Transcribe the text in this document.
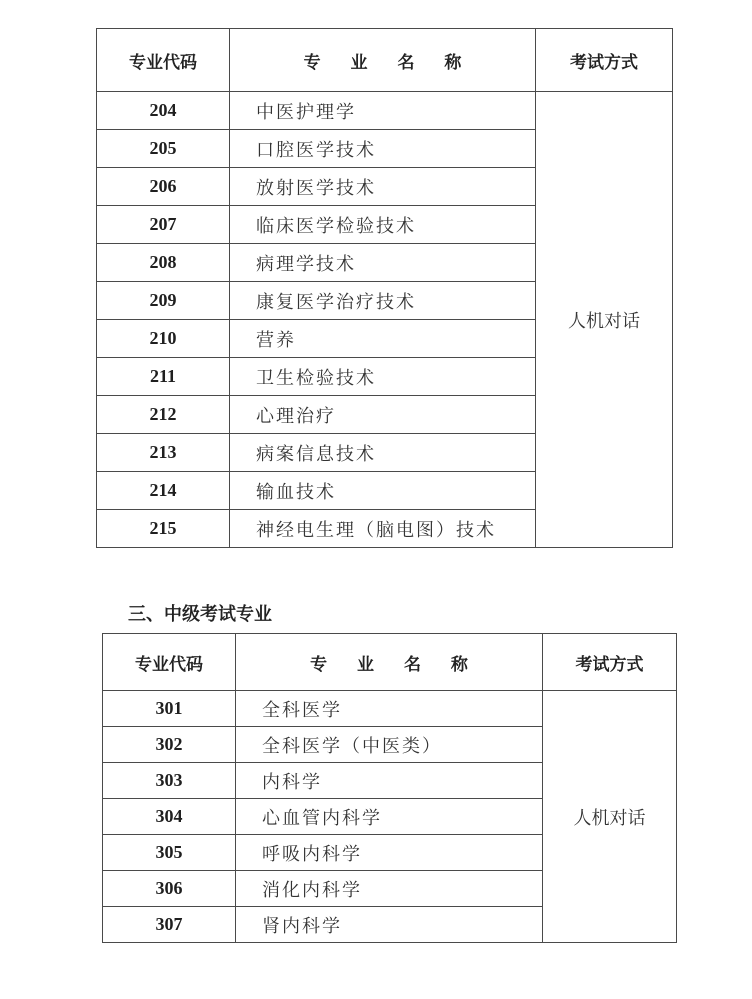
专业代码	专 业 名 称	考试方式
204	中医护理学	人机对话
205	口腔医学技术	
206	放射医学技术	
207	临床医学检验技术	
208	病理学技术	
209	康复医学治疗技术	
210	营养	
211	卫生检验技术	
212	心理治疗	
213	病案信息技术	
214	输血技术	
215	神经电生理（脑电图）技术	
三、中级考试专业
专业代码	专 业 名 称	考试方式
301	全科医学	人机对话
302	全科医学（中医类）	
303	内科学	
304	心血管内科学	
305	呼吸内科学	
306	消化内科学	
307	肾内科学	
